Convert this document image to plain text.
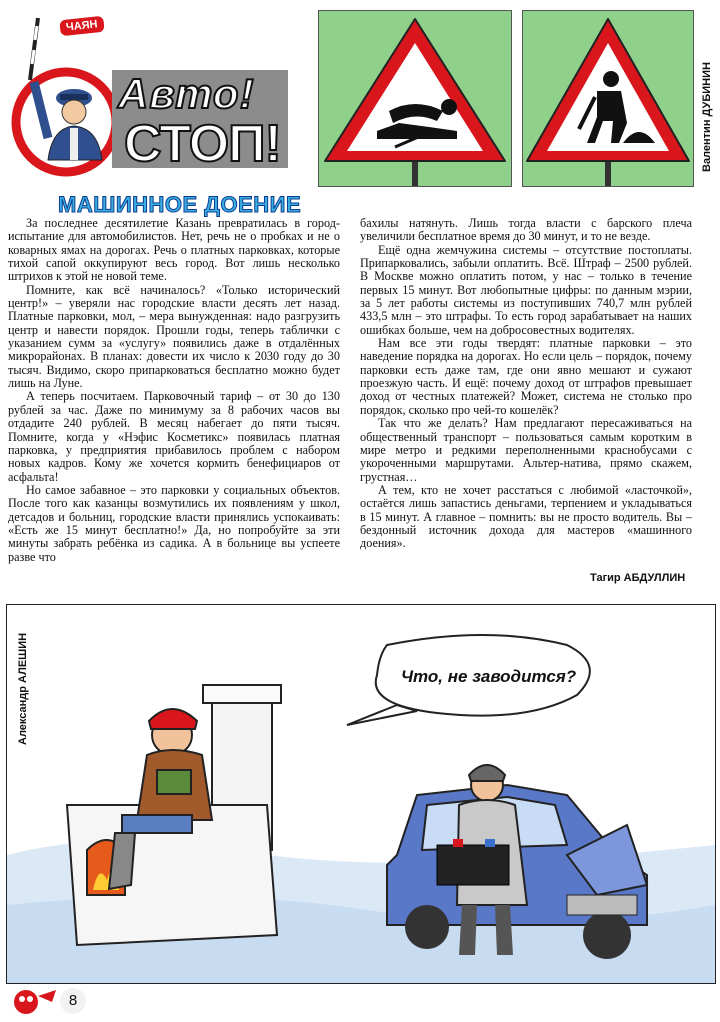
ЧАЯН
Авто!
СТОП!	Валентин ДУБИНИН
МАШИННОЕ ДОЕНИЕ

За последнее десятилетие Казань превратилась в город-испытание для автомобилистов. Нет, речь не о пробках и не о коварных ямах на дорогах. Речь о платных парковках, которые тихой сапой оккупируют весь город. Вот лишь несколько штрихов к этой не новой теме.

Помните, как всё начиналось? «Только исторический центр!» – уверяли нас городские власти десять лет назад. Платные парковки, мол, – мера вынужденная: надо разгрузить центр и навести порядок. Прошли годы, теперь таблички с указанием сумм за «услугу» появились даже в отдалённых микрорайонах. В планах: довести их число к 2030 году до 30 тысяч. Видимо, скоро припарковаться бесплатно можно будет лишь на Луне.

А теперь посчитаем. Парковочный тариф – от 30 до 130 рублей за час. Даже по минимуму за 8 рабочих часов вы отдадите 240 рублей. В месяц набегает до пяти тысяч. Помните, когда у «Нэфис Косметикс» появилась платная парковка, у предприятия прибавилось проблем с набором новых кадров. Кому же хочется кормить бенефициаров от асфальта!

Но самое забавное – это парковки у социальных объектов. После того как казанцы возмутились их появлениям у школ, детсадов и больниц, городские власти принялись успокаивать: «Есть же 15 минут бесплатно!» Да, но попробуйте за эти минуты забрать ребёнка из садика. А в больнице вы успеете разве что

бахилы натянуть. Лишь тогда власти с барского плеча увеличили бесплатное время до 30 минут, и то не везде.

Ещё одна жемчужина системы – отсутствие постоплаты. Припарковались, забыли оплатить. Всё. Штраф – 2500 рублей. В Москве можно оплатить потом, у нас – только в течение первых 15 минут. Вот любопытные цифры: по данным мэрии, за 5 лет работы системы из поступивших 740,7 млн рублей 433,5 млн – это штрафы. То есть город зарабатывает на наших ошибках больше, чем на добросовестных водителях.

Нам все эти годы твердят: платные парковки – это наведение порядка на дорогах. Но если цель – порядок, почему парковки есть даже там, где они явно мешают и сужают проезжую часть. И ещё: почему доход от штрафов превышает доход от честных платежей? Может, система не столько про порядок, сколько про чей-то кошелёк?

Так что же делать? Нам предлагают пересаживаться на общественный транспорт – пользоваться самым коротким в мире метро и редкими переполненными краснобусами с укороченными маршрутами. Альтер-нативa, прямо скажем, грустная…

А тем, кто не хочет расстаться с любимой «ласточкой», остаётся лишь запастись деньгами, терпением и укладываться в 15 минут. А главное – помнить: вы не просто водитель. Вы – бездонный источник дохода для мастеров «машинного доения».

Тагир АБДУЛЛИН
Что, не заводится?
Александр АЛЕШИН
8
